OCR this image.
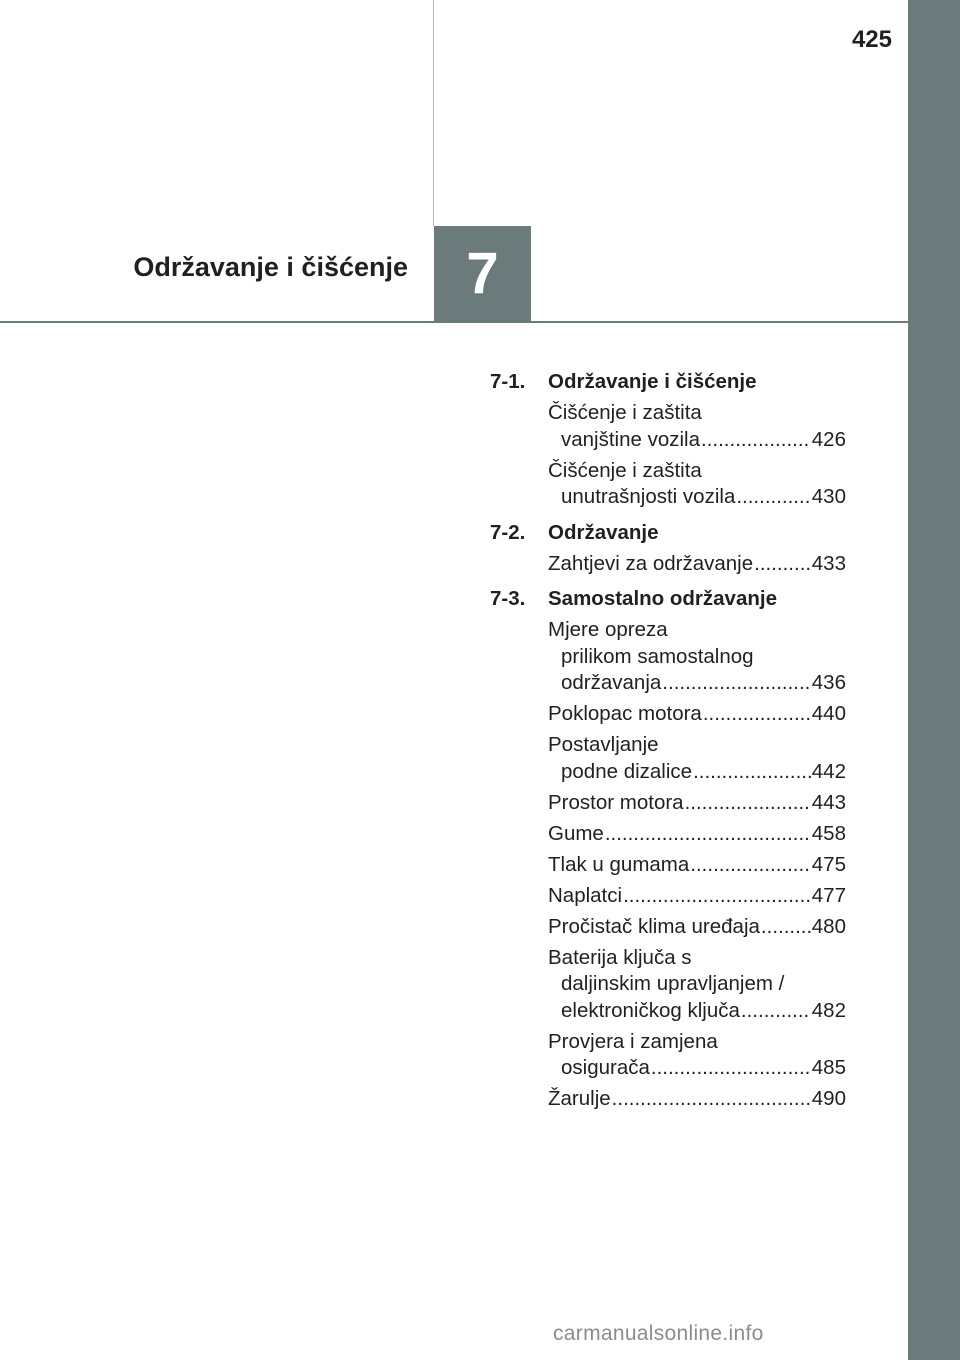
425
Održavanje i čišćenje	7
7-1. Održavanje i čišćenje
Čišćenje i zaštita
vanjštine vozila .....	426
Čišćenje i zaštita
unutrašnjosti vozila .....	430
7-2. Održavanje
Zahtjevi za održavanje .....	433
7-3. Samostalno održavanje
Mjere opreza
prilikom samostalnog
održavanja .....	436
Poklopac motora .....	440
Postavljanje
podne dizalice .....	442
Prostor motora .....	443
Gume .....	458
Tlak u gumama .....	475
Naplatci .....	477
Pročistač klima uređaja .....	480
Baterija ključa s
daljinskim upravljanjem /
elektroničkog ključa .....	482
Provjera i zamjena
osigurača .....	485
Žarulje .....	490
carmanualsonline.info
